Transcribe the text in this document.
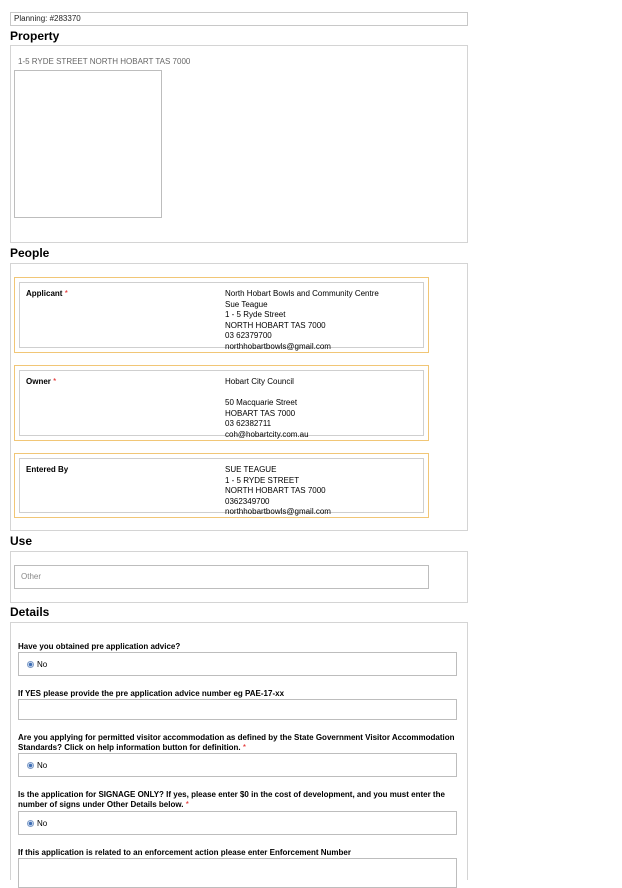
Planning: #283370
Property
1-5 RYDE STREET NORTH HOBART TAS 7000
People
Applicant *	North Hobart Bowls and Community Centre
Sue Teague
1 - 5 Ryde Street
NORTH HOBART TAS 7000
03 62379700
northhobartbowls@gmail.com
Owner *	Hobart City Council
50 Macquarie Street
HOBART TAS 7000
03 62382711
coh@hobartcity.com.au
Entered By	SUE TEAGUE
1 - 5 RYDE STREET
NORTH HOBART TAS 7000
0362349700
northhobartbowls@gmail.com
Use
Other
Details
Have you obtained pre application advice?
No
If YES please provide the pre application advice number eg PAE-17-xx
Are you applying for permitted visitor accommodation as defined by the State Government Visitor Accommodation Standards? Click on help information button for definition. *
No
Is the application for SIGNAGE ONLY? If yes, please enter $0 in the cost of development, and you must enter the number of signs under Other Details below. *
No
If this application is related to an enforcement action please enter Enforcement Number
